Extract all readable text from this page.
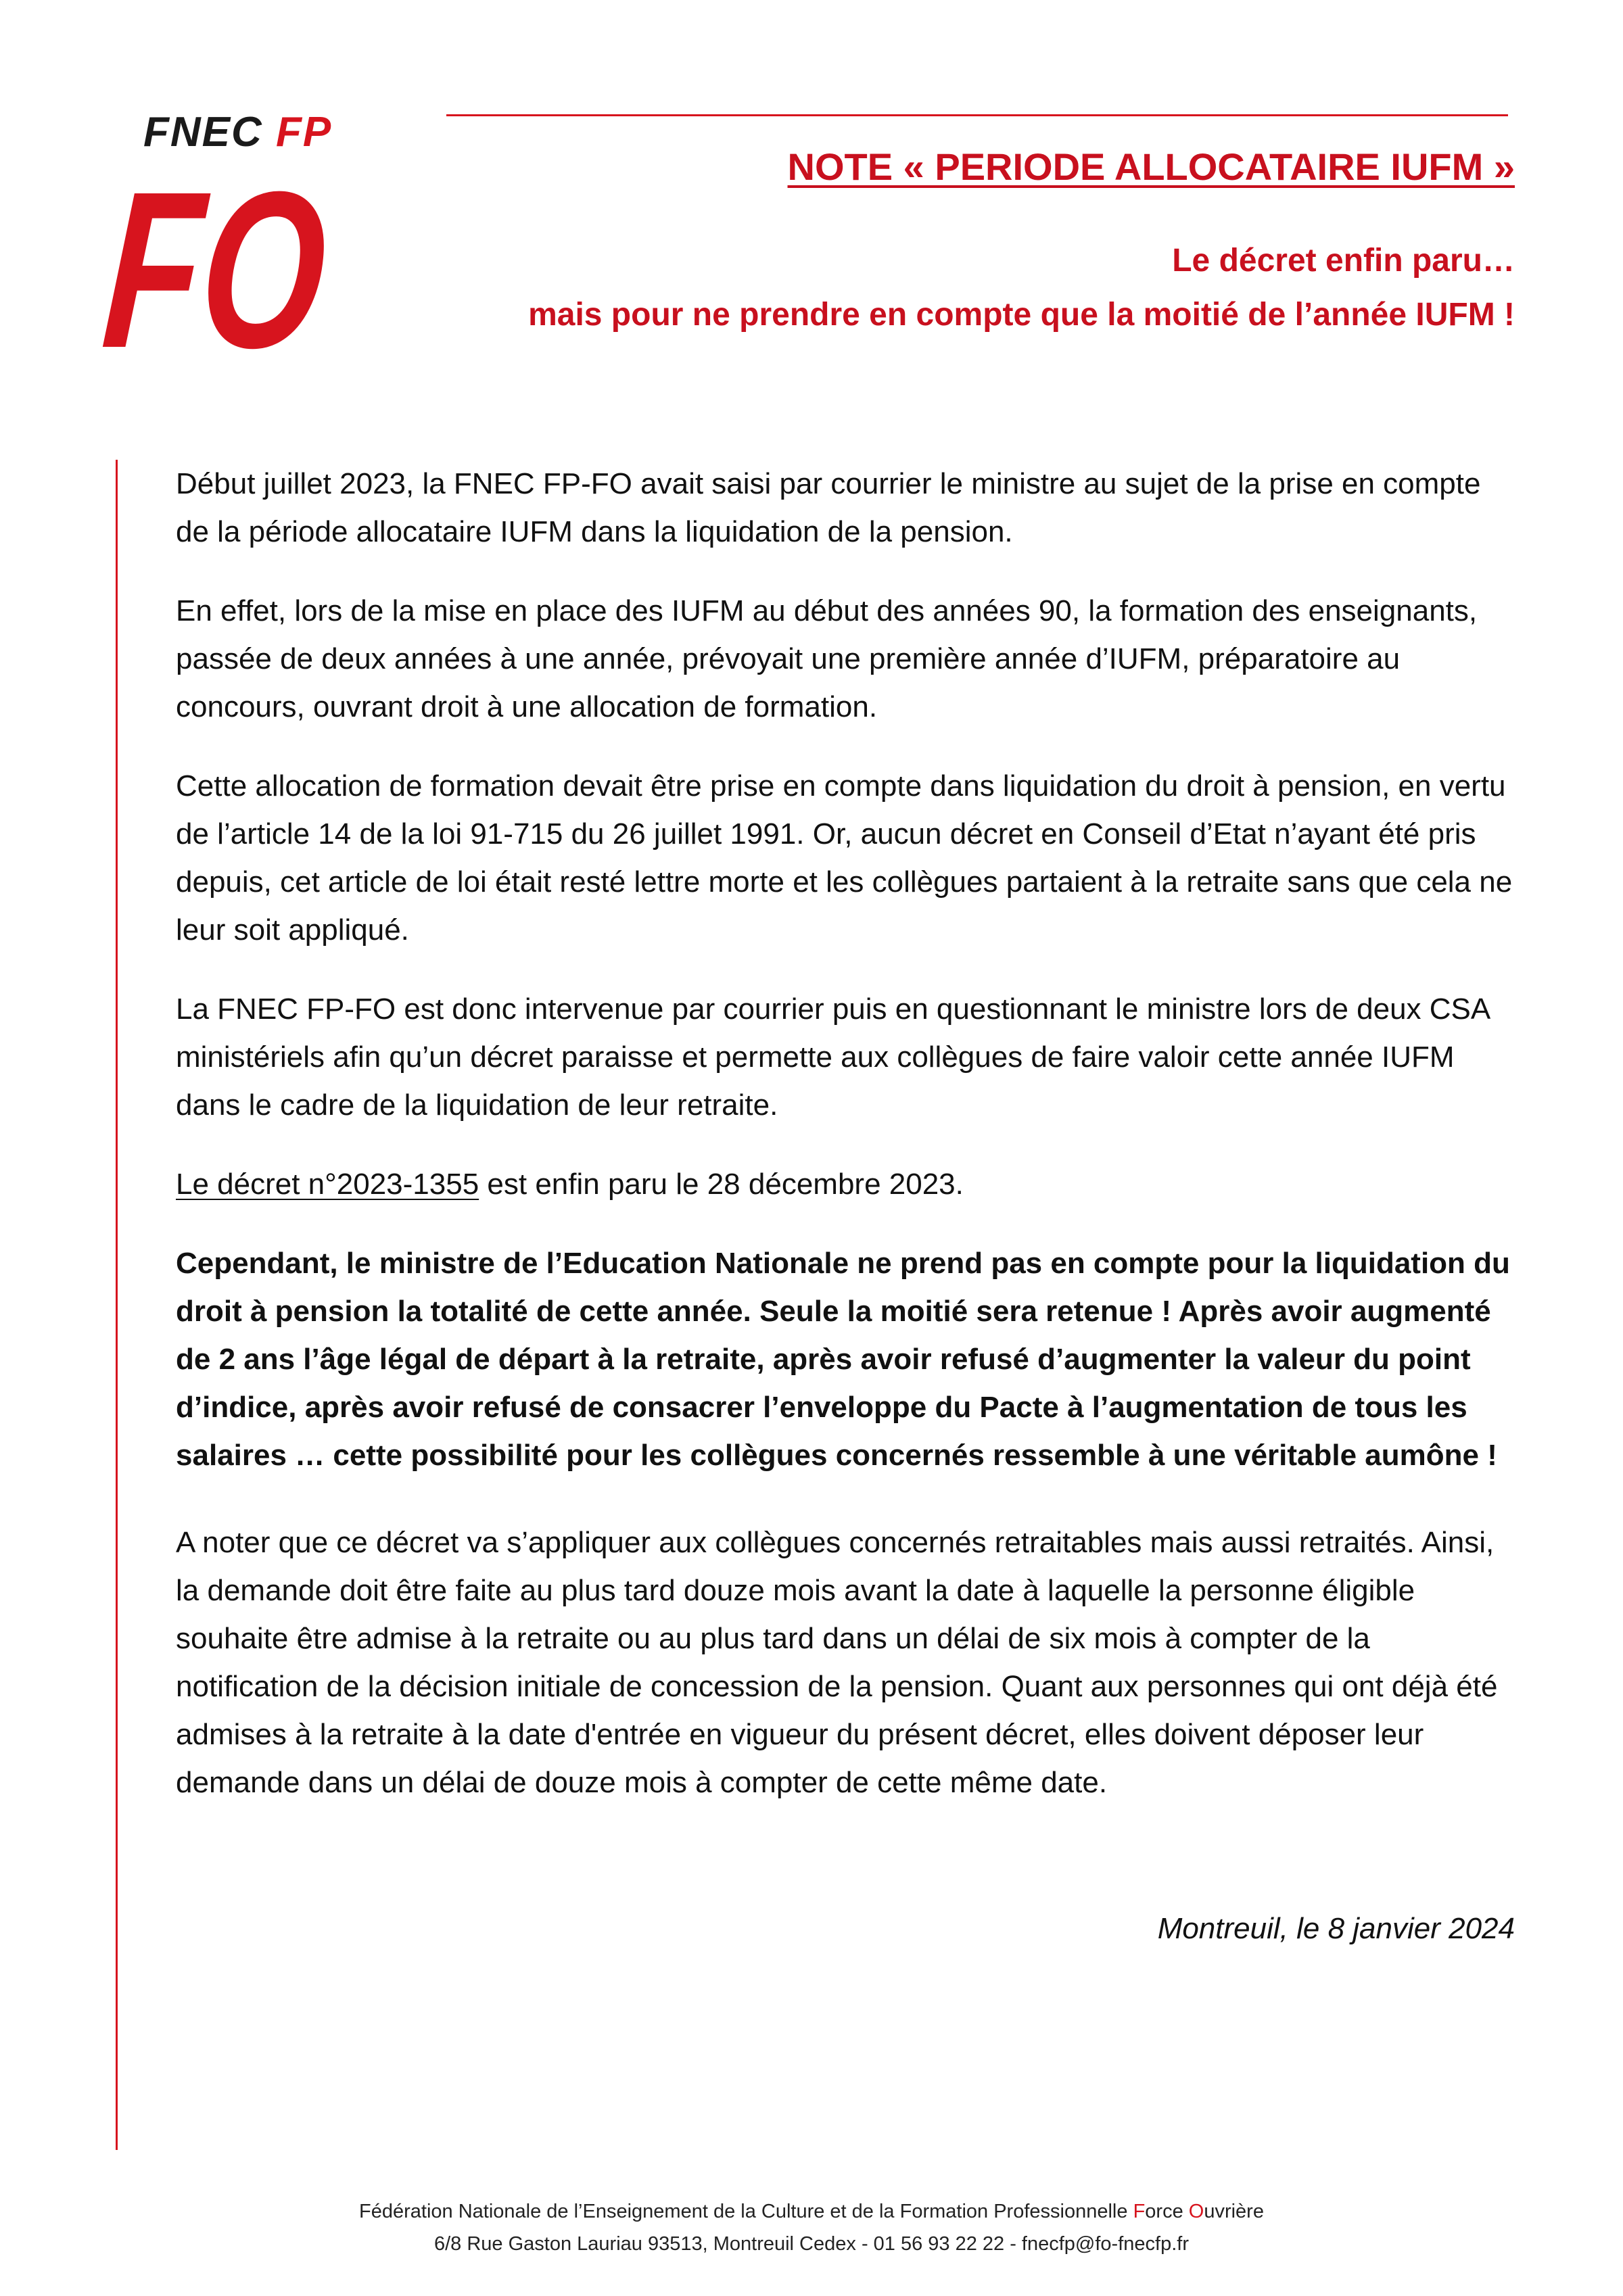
FNEC FP
FO	NOTE « PERIODE ALLOCATAIRE IUFM »
Le décret enfin paru…
mais pour ne prendre en compte que la moitié de l’année IUFM !

Début juillet 2023, la FNEC FP-FO avait saisi par courrier le ministre au sujet de la prise en compte de la période allocataire IUFM dans la liquidation de la pension.

En effet, lors de la mise en place des IUFM au début des années 90, la formation des enseignants, passée de deux années à une année, prévoyait une première année d’IUFM, préparatoire au concours, ouvrant droit à une allocation de formation.

Cette allocation de formation devait être prise en compte dans liquidation du droit à pension, en vertu de l’article 14 de la loi 91-715 du 26 juillet 1991. Or, aucun décret en Conseil d’Etat n’ayant été pris depuis, cet article de loi était resté lettre morte et les collègues partaient à la retraite sans que cela ne leur soit appliqué.

La FNEC FP-FO est donc intervenue par courrier puis en questionnant le ministre lors de deux CSA ministériels afin qu’un décret paraisse et permette aux collègues de faire valoir cette année IUFM dans le cadre de la liquidation de leur retraite.

Le décret n°2023-1355 est enfin paru le 28 décembre 2023.

Cependant, le ministre de l’Education Nationale ne prend pas en compte pour la liquidation du droit à pension la totalité de cette année. Seule la moitié sera retenue ! Après avoir augmenté de 2 ans l’âge légal de départ à la retraite, après avoir refusé d’augmenter la valeur du point d’indice, après avoir refusé de consacrer l’enveloppe du Pacte à l’augmentation de tous les salaires … cette possibilité pour les collègues concernés ressemble à une véritable aumône !

A noter que ce décret va s’appliquer aux collègues concernés retraitables mais aussi retraités. Ainsi, la demande doit être faite au plus tard douze mois avant la date à laquelle la personne éligible souhaite être admise à la retraite ou au plus tard dans un délai de six mois à compter de la notification de la décision initiale de concession de la pension. Quant aux personnes qui ont déjà été admises à la retraite à la date d'entrée en vigueur du présent décret, elles doivent déposer leur demande dans un délai de douze mois à compter de cette même date.

Montreuil, le 8 janvier 2024
Fédération Nationale de l’Enseignement de la Culture et de la Formation Professionnelle Force Ouvrière
6/8 Rue Gaston Lauriau 93513, Montreuil Cedex - 01 56 93 22 22 - fnecfp@fo-fnecfp.fr
